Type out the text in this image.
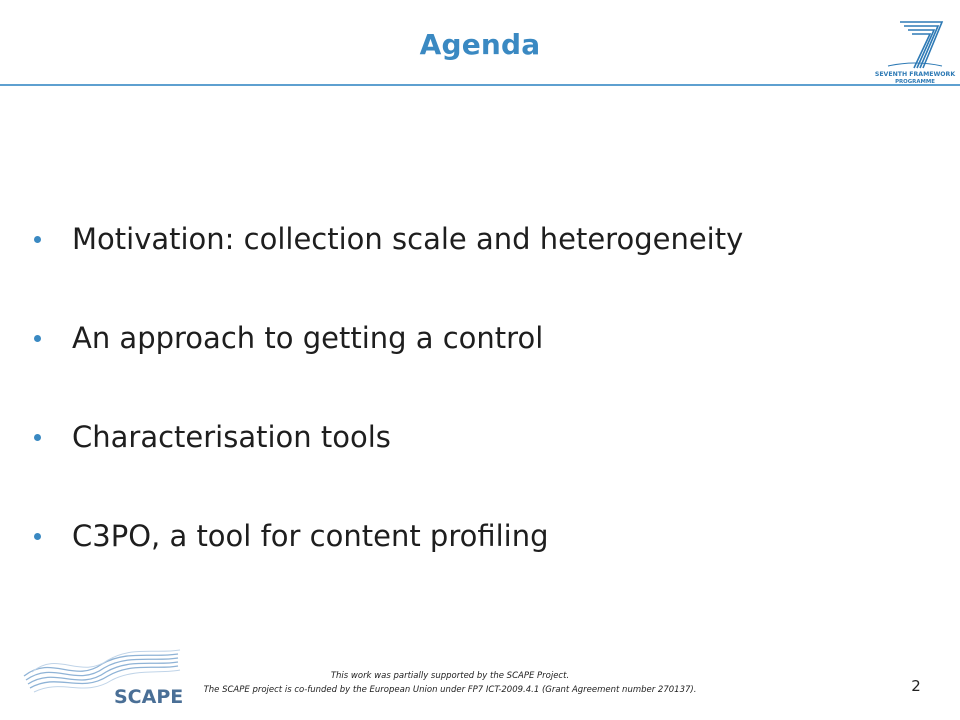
Agenda
SEVENTH FRAMEWORK
PROGRAMME
Motivation: collection scale and heterogeneity
An approach to getting a control
Characterisation tools
C3PO, a tool for content profiling
SCAPE
This work was partially supported by the SCAPE Project.
The SCAPE project is co-funded by the European Union under FP7 ICT-2009.4.1 (Grant Agreement number 270137).	2
